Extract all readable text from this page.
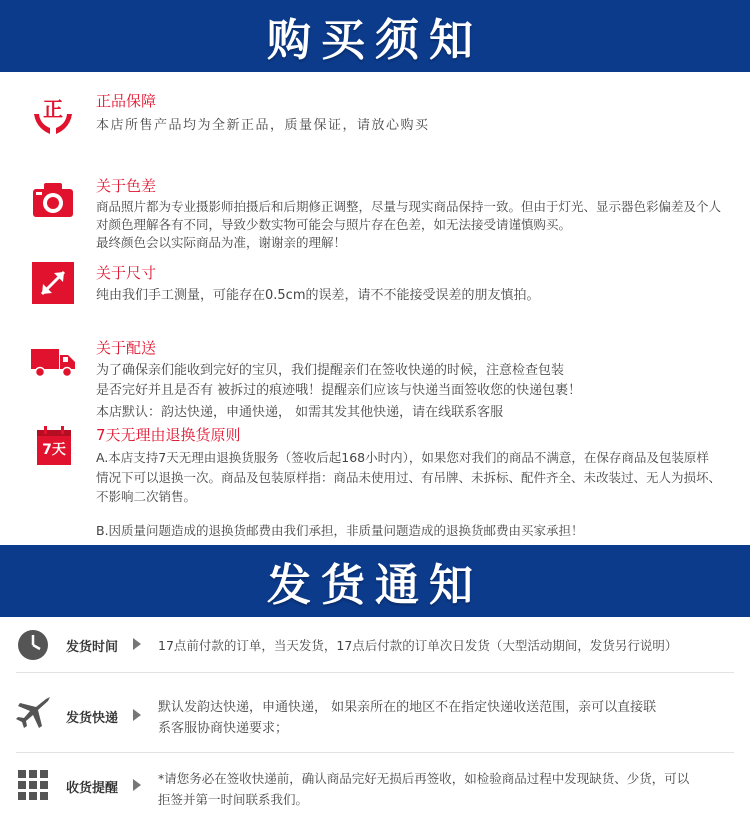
购买须知
正 正品保障
本店所售产品均为全新正品，质量保证，请放心购买
关于色差
商品照片都为专业摄影师拍摄后和后期修正调整，尽量与现实商品保持一致。但由于灯光、显示器色彩偏差及个人
对颜色理解各有不同，导致少数实物可能会与照片存在色差，如无法接受请谨慎购买。
最终颜色会以实际商品为准，谢谢亲的理解！
关于尺寸
纯由我们手工测量，可能存在0.5cm的误差，请不不能接受误差的朋友慎拍。
关于配送
为了确保亲们能收到完好的宝贝，我们提醒亲们在签收快递的时候，注意检查包装
是否完好并且是否有 被拆过的痕迹哦！提醒亲们应该与快递当面签收您的快递包裹！
本店默认：韵达快递，申通快递， 如需其发其他快递，请在线联系客服
7天
7天无理由退换货原则
A.本店支持7天无理由退换货服务（签收后起168小时内），如果您对我们的商品不满意，在保存商品及包装原样
情况下可以退换一次。商品及包装原样指：商品未使用过、有吊牌、未拆标、配件齐全、未改装过、无人为损坏、
不影响二次销售。
B.因质量问题造成的退换货邮费由我们承担，非质量问题造成的退换货邮费由买家承担！
发货通知
发货时间	17点前付款的订单，当天发货，17点后付款的订单次日发货（大型活动期间，发货另行说明）
发货快递
默认发韵达快递，申通快递， 如果亲所在的地区不在指定快递收送范围，亲可以直接联
系客服协商快递要求；
收货提醒
*请您务必在签收快递前，确认商品完好无损后再签收，如检验商品过程中发现缺货、少货，可以
拒签并第一时间联系我们。
